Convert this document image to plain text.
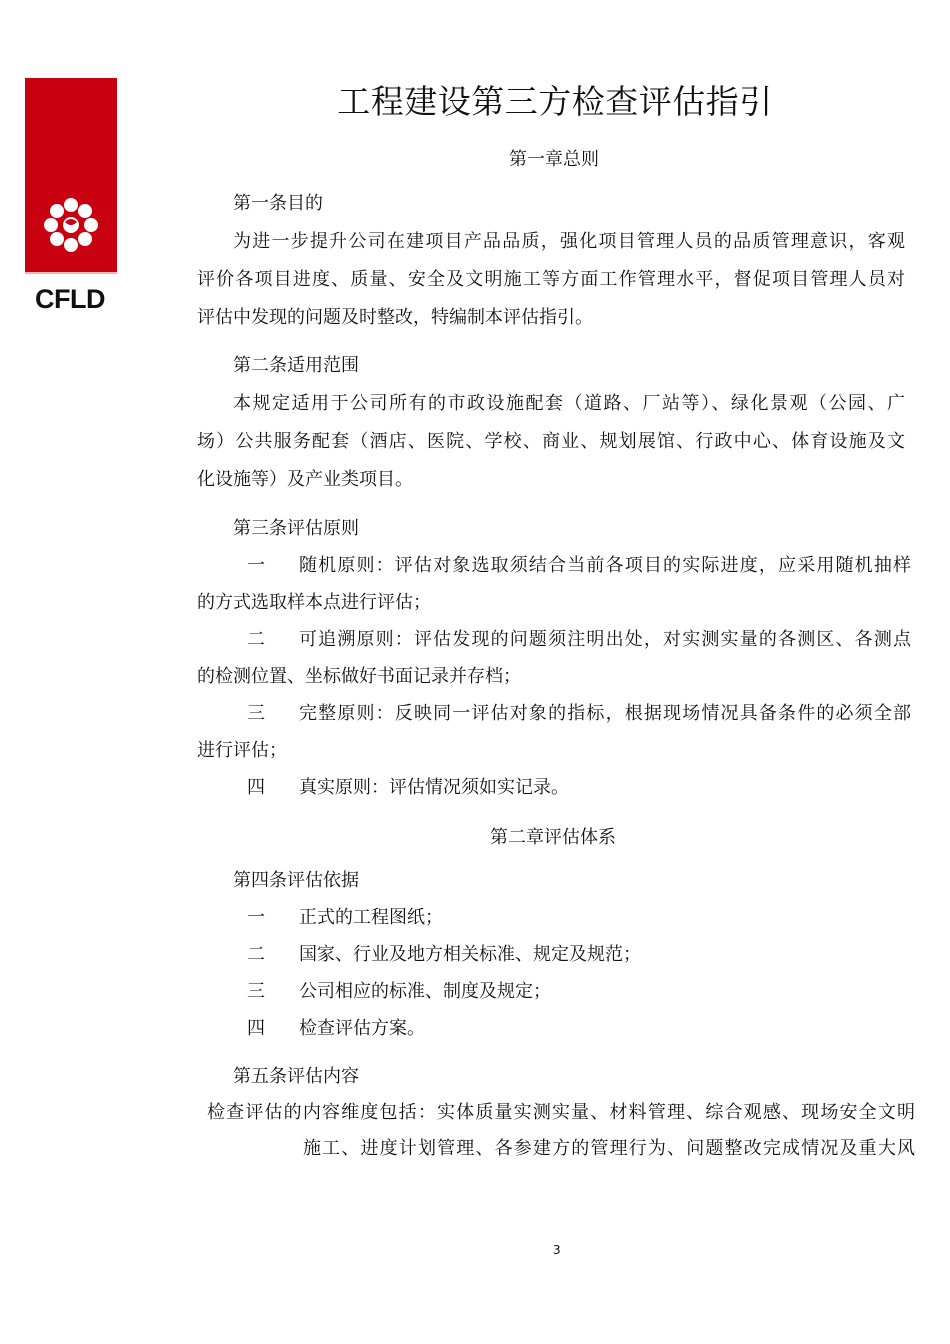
CFLD
工程建设第三方检查评估指引
第一章总则
第一条目的
为进一步提升公司在建项目产品品质，强化项目管理人员的品质管理意识，客观
评价各项目进度、质量、安全及文明施工等方面工作管理水平，督促项目管理人员对
评估中发现的问题及时整改，特编制本评估指引。
第二条适用范围
本规定适用于公司所有的市政设施配套（道路、厂站等）、绿化景观（公园、广
场）公共服务配套（酒店、医院、学校、商业、规划展馆、行政中心、体育设施及文
化设施等）及产业类项目。
第三条评估原则
一 随机原则：评估对象选取须结合当前各项目的实际进度，应采用随机抽样
的方式选取样本点进行评估；
二 可追溯原则：评估发现的问题须注明出处，对实测实量的各测区、各测点
的检测位置、坐标做好书面记录并存档；
三 完整原则：反映同一评估对象的指标，根据现场情况具备条件的必须全部
进行评估；
四 真实原则：评估情况须如实记录。
第二章评估体系
第四条评估依据
一 正式的工程图纸；
二 国家、行业及地方相关标准、规定及规范；
三 公司相应的标准、制度及规定；
四 检查评估方案。
第五条评估内容
检查评估的内容维度包括：实体质量实测实量、材料管理、综合观感、现场安全文明
施工、进度计划管理、各参建方的管理行为、问题整改完成情况及重大风
3
